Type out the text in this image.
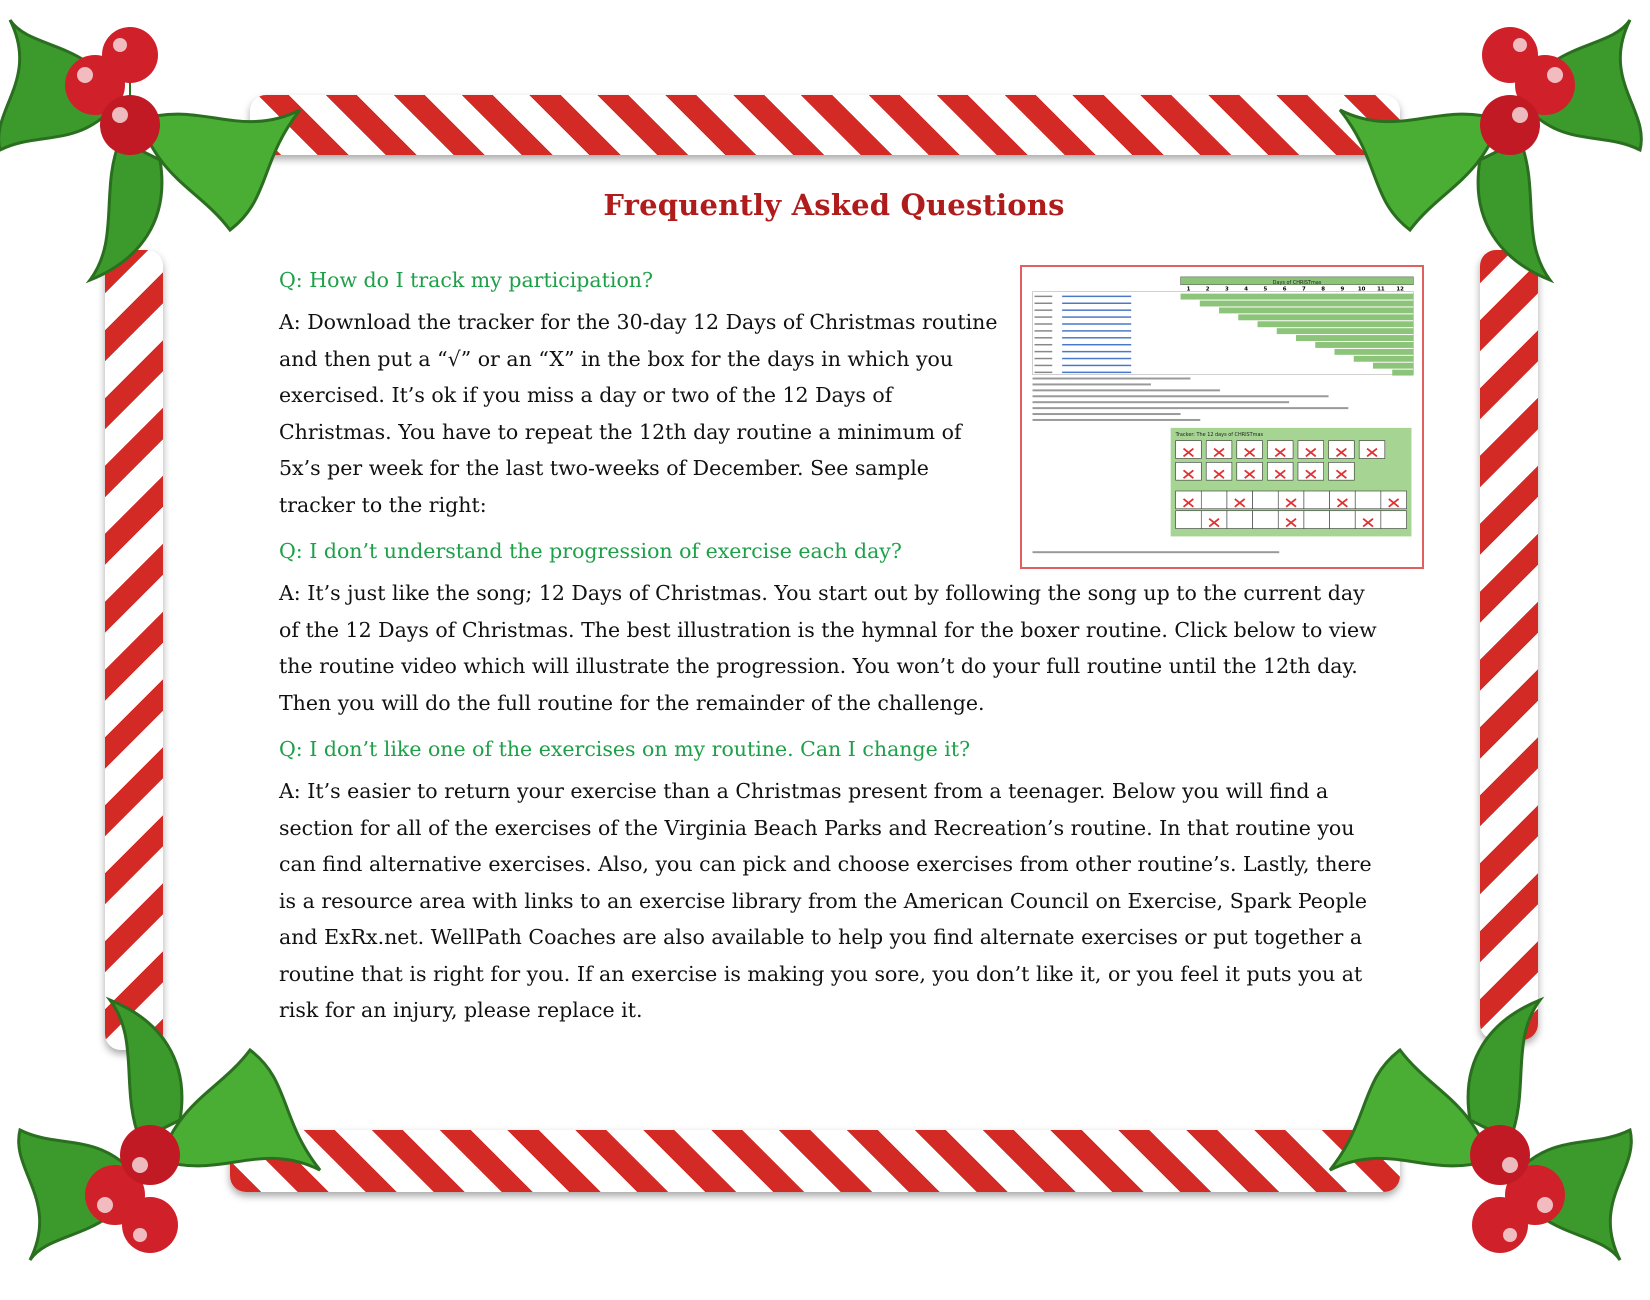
Frequently Asked Questions

Q: How do I track my participation?

A: Download the tracker for the 30-day 12 Days of Christmas routine and then put a “√” or an “X” in the box for the days in which you exercised. It’s ok if you miss a day or two of the 12 Days of Christmas. You have to repeat the 12th day routine a minimum of 5x’s per week for the last two-weeks of December. See sample tracker to the right:

Q: I don’t understand the progression of exercise each day?

A: It’s just like the song; 12 Days of Christmas. You start out by following the song up to the current day of the 12 Days of Christmas. The best illustration is the hymnal for the boxer routine. Click below to view the routine video which will illustrate the progression. You won’t do your full routine until the 12th day. Then you will do the full routine for the remainder of the challenge.

Q: I don’t like one of the exercises on my routine. Can I change it?

A: It’s easier to return your exercise than a Christmas present from a teenager. Below you will find a section for all of the exercises of the Virginia Beach Parks and Recreation’s routine. In that routine you can find alternative exercises. Also, you can pick and choose exercises from other routine’s. Lastly, there is a resource area with links to an exercise library from the American Council on Exercise, Spark People and ExRx.net. WellPath Coaches are also available to help you find alternate exercises or put together a routine that is right for you. If an exercise is making you sore, you don’t like it, or you feel it puts you at risk for an injury, please replace it.

Days of CHRISTmas
1	2	3	4	5	6	7	8	9 10 11 12
Tracker: The 12 days of CHRISTmas
